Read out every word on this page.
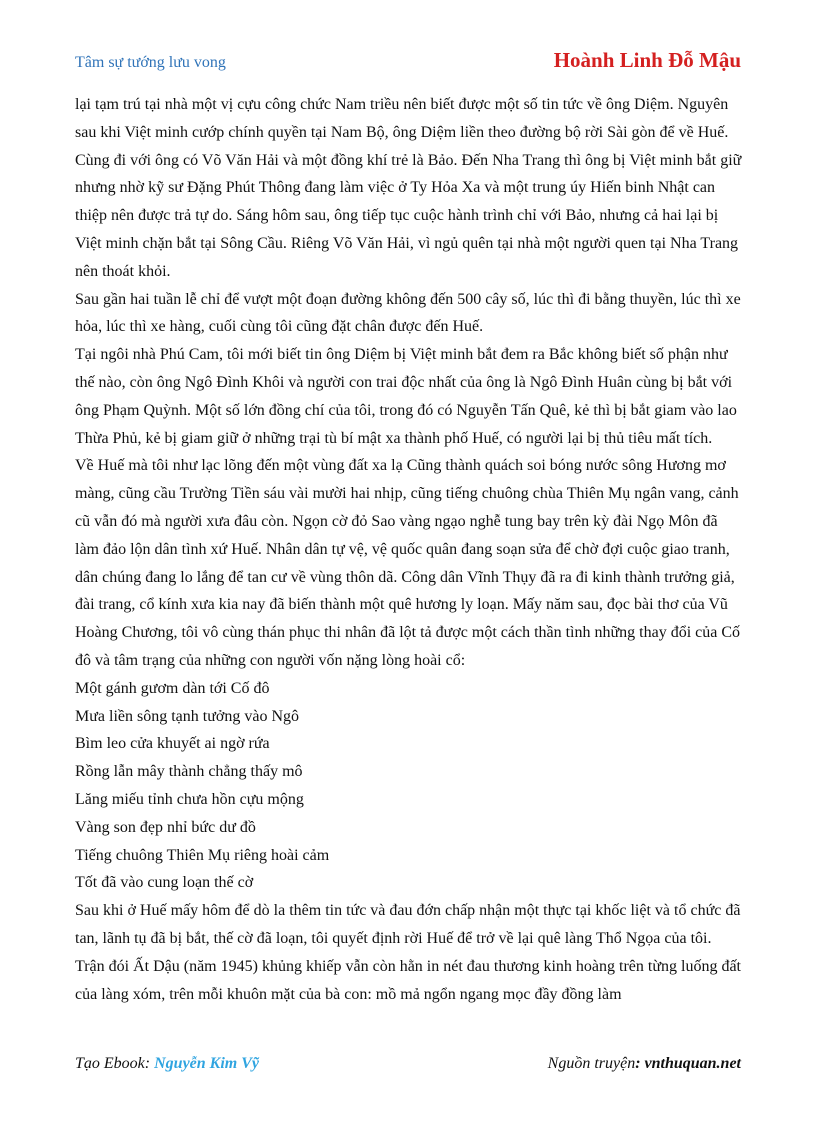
Tâm sự tướng lưu vong	Hoành Linh Đỗ Mậu

lại tạm trú tại nhà một vị cựu công chức Nam triều nên biết được một số tin tức về ông Diệm. Nguyên sau khi Việt minh cướp chính quyền tại Nam Bộ, ông Diệm liền theo đường bộ rời Sài gòn để về Huế. Cùng đi với ông có Võ Văn Hải và một đồng khí trẻ là Bảo. Đến Nha Trang thì ông bị Việt minh bắt giữ nhưng nhờ kỹ sư Đặng Phút Thông đang làm việc ở Ty Hỏa Xa và một trung úy Hiến binh Nhật can thiệp nên được trả tự do. Sáng hôm sau, ông tiếp tục cuộc hành trình chỉ với Bảo, nhưng cả hai lại bị Việt minh chặn bắt tại Sông Cầu. Riêng Võ Văn Hải, vì ngủ quên tại nhà một người quen tại Nha Trang nên thoát khỏi.

Sau gần hai tuần lễ chỉ để vượt một đoạn đường không đến 500 cây số, lúc thì đi bằng thuyền, lúc thì xe hỏa, lúc thì xe hàng, cuối cùng tôi cũng đặt chân được đến Huế.

Tại ngôi nhà Phú Cam, tôi mới biết tin ông Diệm bị Việt minh bắt đem ra Bắc không biết số phận như thế nào, còn ông Ngô Đình Khôi và người con trai độc nhất của ông là Ngô Đình Huân cùng bị bắt với ông Phạm Quỳnh. Một số lớn đồng chí của tôi, trong đó có Nguyễn Tấn Quê, kẻ thì bị bắt giam vào lao Thừa Phủ, kẻ bị giam giữ ở những trại tù bí mật xa thành phố Huế, có người lại bị thủ tiêu mất tích.

Về Huế mà tôi như lạc lõng đến một vùng đất xa lạ Cũng thành quách soi bóng nước sông Hương mơ màng, cũng cầu Trường Tiền sáu vài mười hai nhịp, cũng tiếng chuông chùa Thiên Mụ ngân vang, cảnh cũ vẫn đó mà người xưa đâu còn. Ngọn cờ đỏ Sao vàng ngạo nghễ tung bay trên kỳ đài Ngọ Môn đã làm đảo lộn dân tình xứ Huế. Nhân dân tự vệ, vệ quốc quân đang soạn sửa để chờ đợi cuộc giao tranh, dân chúng đang lo lắng để tan cư về vùng thôn dã. Công dân Vĩnh Thụy đã ra đi kinh thành trưởng giả, đài trang, cổ kính xưa kia nay đã biến thành một quê hương ly loạn. Mấy năm sau, đọc bài thơ của Vũ Hoàng Chương, tôi vô cùng thán phục thi nhân đã lột tả được một cách thần tình những thay đổi của Cố đô và tâm trạng của những con người vốn nặng lòng hoài cổ:

Một gánh gươm dàn tới Cố đô

Mưa liền sông tạnh tưởng vào Ngô

Bìm leo cửa khuyết ai ngờ rứa

Rồng lẫn mây thành chẳng thấy mô

Lăng miếu tỉnh chưa hồn cựu mộng

Vàng son đẹp nhỉ bức dư đồ

Tiếng chuông Thiên Mụ riêng hoài cảm

Tốt đã vào cung loạn thế cờ

Sau khi ở Huế mấy hôm để dò la thêm tin tức và đau đớn chấp nhận một thực tại khốc liệt và tổ chức đã tan, lãnh tụ đã bị bắt, thế cờ đã loạn, tôi quyết định rời Huế để trở về lại quê làng Thổ Ngọa của tôi. Trận đói Ất Dậu (năm 1945) khủng khiếp vẫn còn hằn in nét đau thương kinh hoàng trên từng luống đất của làng xóm, trên mỗi khuôn mặt của bà con: mồ mả ngổn ngang mọc đầy đồng làm

Tạo Ebook: Nguyễn Kim Vỹ	Nguồn truyện: vnthuquan.net
